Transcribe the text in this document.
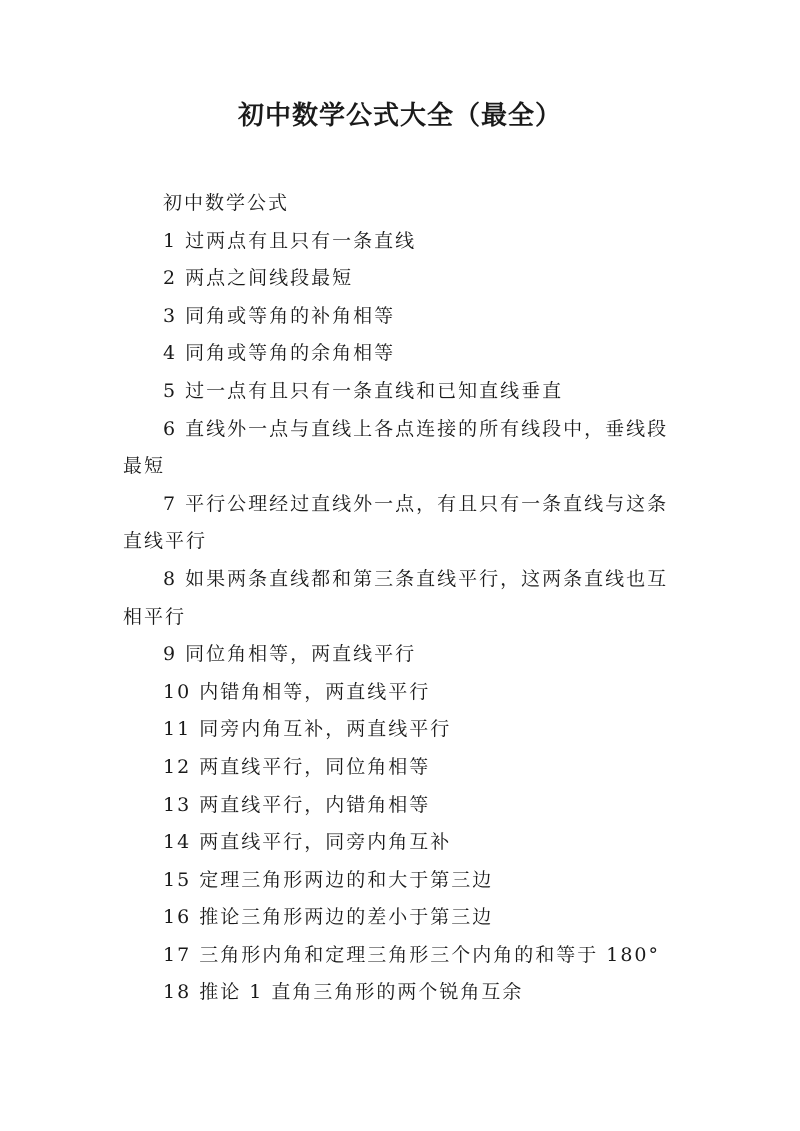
初中数学公式大全（最全）

初中数学公式

1 过两点有且只有一条直线

2 两点之间线段最短

3 同角或等角的补角相等

4 同角或等角的余角相等

5 过一点有且只有一条直线和已知直线垂直

6 直线外一点与直线上各点连接的所有线段中，垂线段最短

7 平行公理经过直线外一点，有且只有一条直线与这条直线平行

8 如果两条直线都和第三条直线平行，这两条直线也互相平行

9 同位角相等，两直线平行

10 内错角相等，两直线平行

11 同旁内角互补，两直线平行

12 两直线平行，同位角相等

13 两直线平行，内错角相等

14 两直线平行，同旁内角互补

15 定理三角形两边的和大于第三边

16 推论三角形两边的差小于第三边

17 三角形内角和定理三角形三个内角的和等于 180°

18 推论 1 直角三角形的两个锐角互余
